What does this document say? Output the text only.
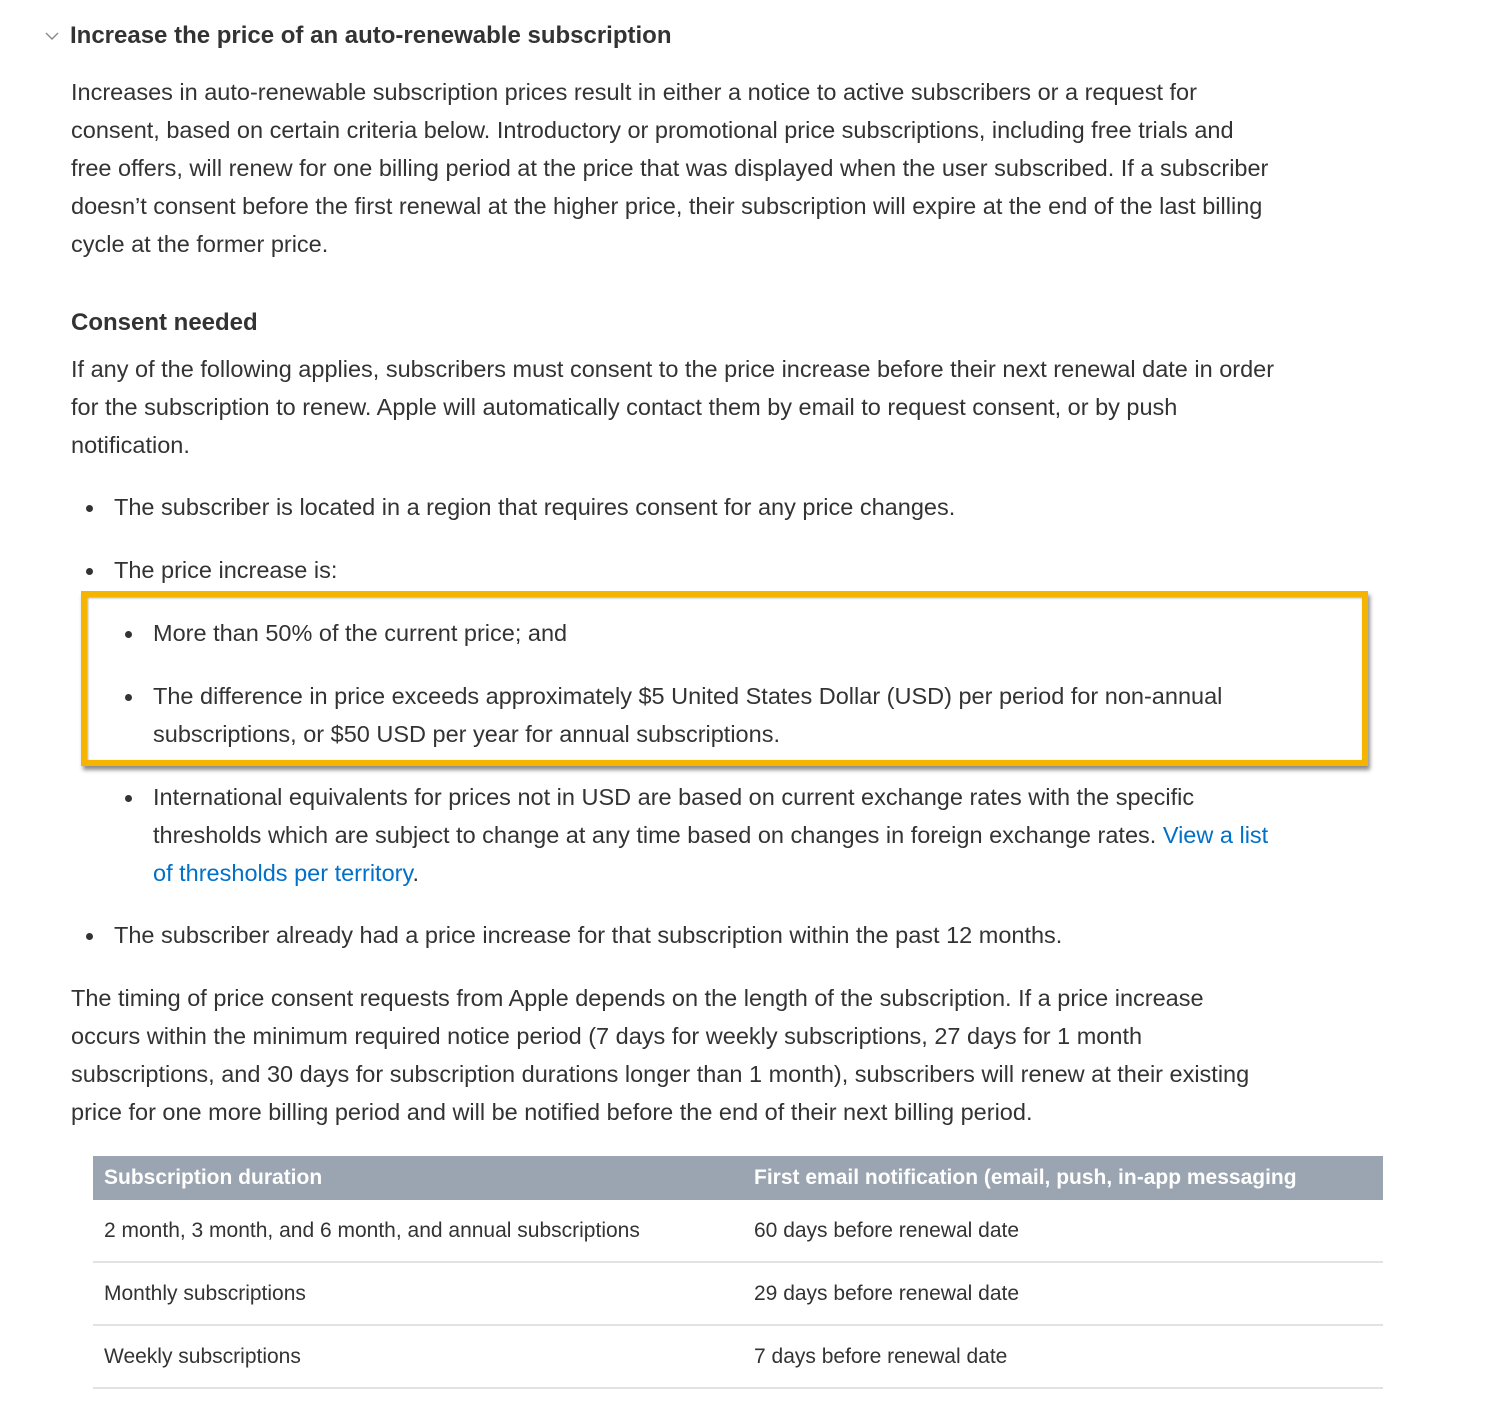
Increase the price of an auto-renewable subscription
Increases in auto-renewable subscription prices result in either a notice to active subscribers or a request for
consent, based on certain criteria below. Introductory or promotional price subscriptions, including free trials and
free offers, will renew for one billing period at the price that was displayed when the user subscribed. If a subscriber
doesn’t consent before the first renewal at the higher price, their subscription will expire at the end of the last billing
cycle at the former price.
Consent needed
If any of the following applies, subscribers must consent to the price increase before their next renewal date in order
for the subscription to renew. Apple will automatically contact them by email to request consent, or by push
notification.
The subscriber is located in a region that requires consent for any price changes.
The price increase is:
More than 50% of the current price; and
The difference in price exceeds approximately $5 United States Dollar (USD) per period for non-annual
subscriptions, or $50 USD per year for annual subscriptions.
International equivalents for prices not in USD are based on current exchange rates with the specific
thresholds which are subject to change at any time based on changes in foreign exchange rates. View a list
of thresholds per territory.
The subscriber already had a price increase for that subscription within the past 12 months.
The timing of price consent requests from Apple depends on the length of the subscription. If a price increase
occurs within the minimum required notice period (7 days for weekly subscriptions, 27 days for 1 month
subscriptions, and 30 days for subscription durations longer than 1 month), subscribers will renew at their existing
price for one more billing period and will be notified before the end of their next billing period.
Subscription duration	First email notification (email, push, in-app messaging
2 month, 3 month, and 6 month, and annual subscriptions	60 days before renewal date
Monthly subscriptions	29 days before renewal date
Weekly subscriptions	7 days before renewal date
